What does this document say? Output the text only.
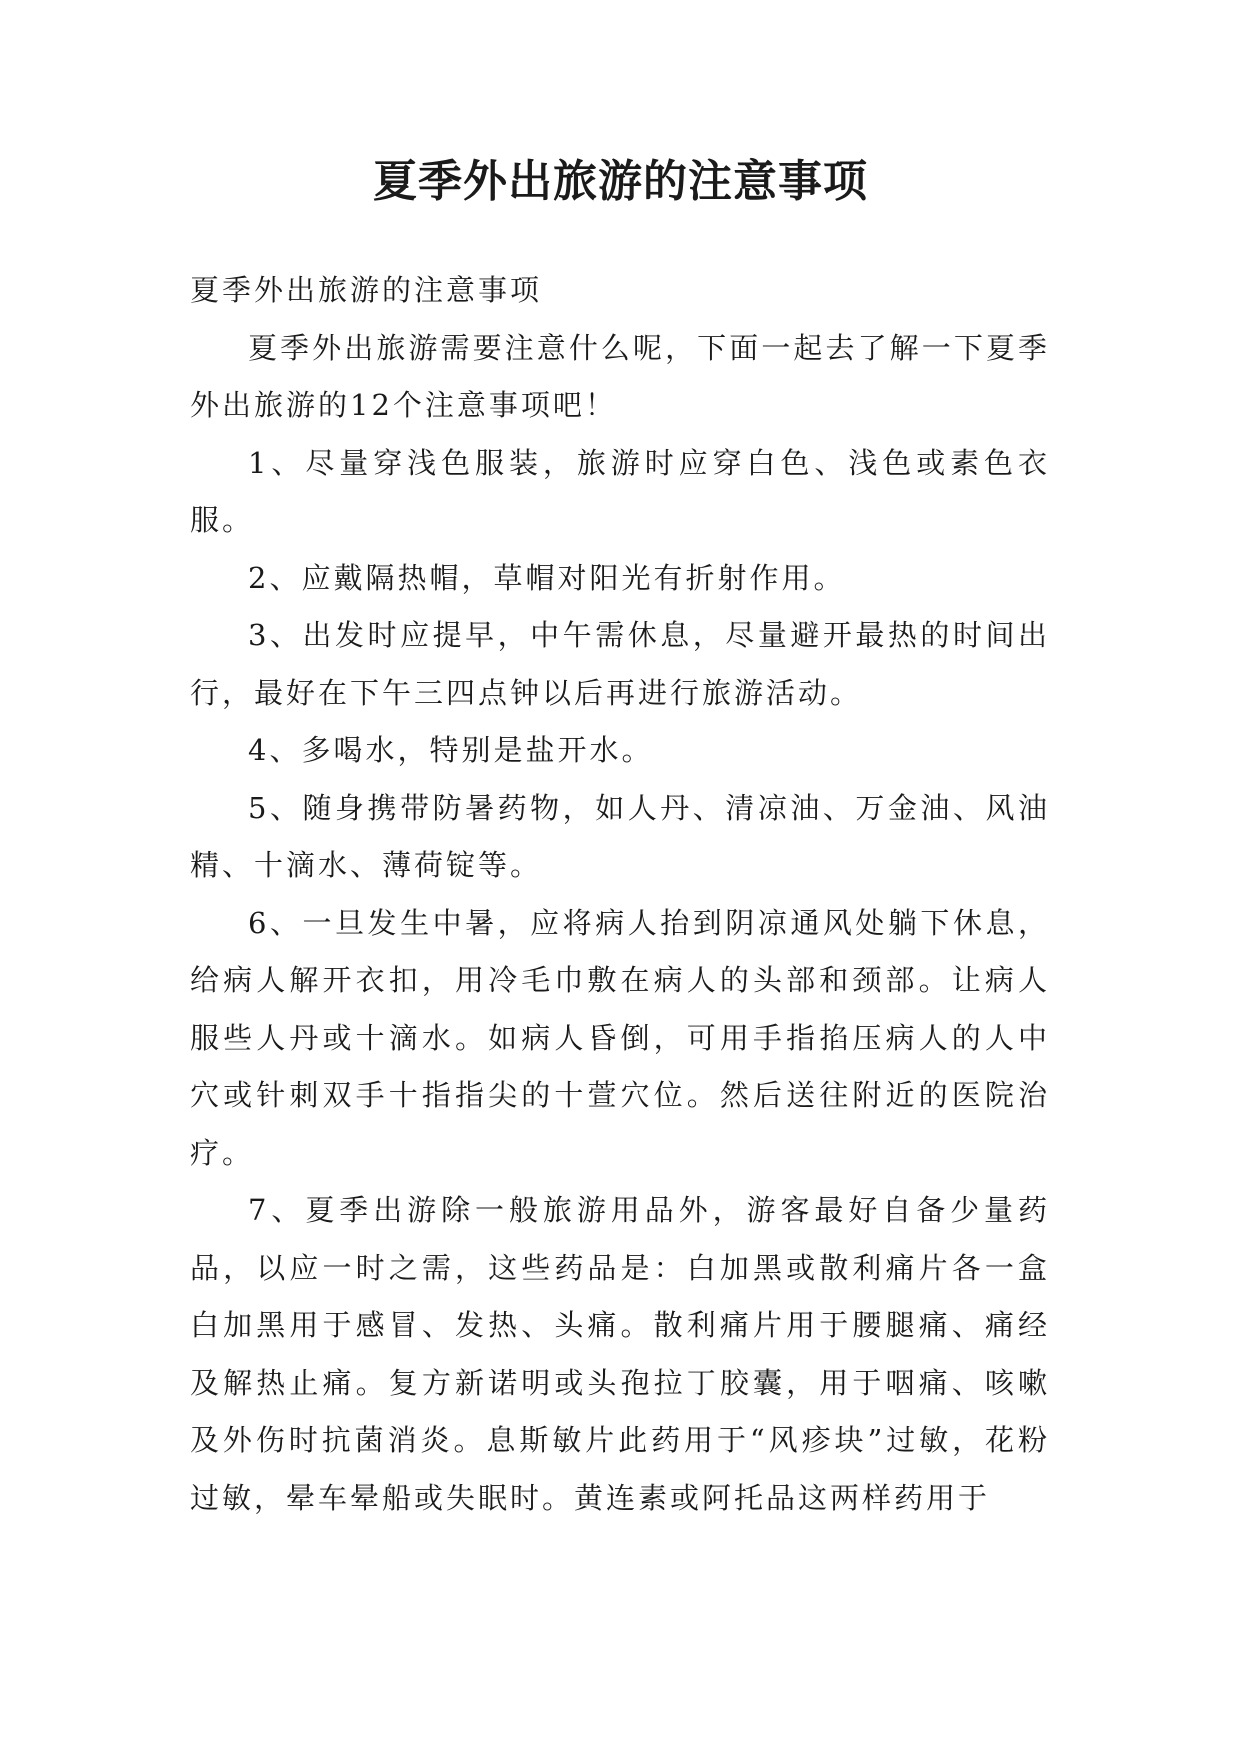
夏季外出旅游的注意事项

夏季外出旅游的注意事项

夏季外出旅游需要注意什么呢，下面一起去了解一下夏季外出旅游的12个注意事项吧！

1、尽量穿浅色服装，旅游时应穿白色、浅色或素色衣服。

2、应戴隔热帽，草帽对阳光有折射作用。

3、出发时应提早，中午需休息，尽量避开最热的时间出行，最好在下午三四点钟以后再进行旅游活动。

4、多喝水，特别是盐开水。

5、随身携带防暑药物，如人丹、清凉油、万金油、风油精、十滴水、薄荷锭等。

6、一旦发生中暑，应将病人抬到阴凉通风处躺下休息，给病人解开衣扣，用冷毛巾敷在病人的头部和颈部。让病人服些人丹或十滴水。如病人昏倒，可用手指掐压病人的人中穴或针刺双手十指指尖的十萱穴位。然后送往附近的医院治疗。

7、夏季出游除一般旅游用品外，游客最好自备少量药品，以应一时之需，这些药品是：白加黑或散利痛片各一盒白加黑用于感冒、发热、头痛。散利痛片用于腰腿痛、痛经及解热止痛。复方新诺明或头孢拉丁胶囊，用于咽痛、咳嗽及外伤时抗菌消炎。息斯敏片此药用于“风疹块”过敏，花粉过敏，晕车晕船或失眠时。黄连素或阿托品这两样药用于
